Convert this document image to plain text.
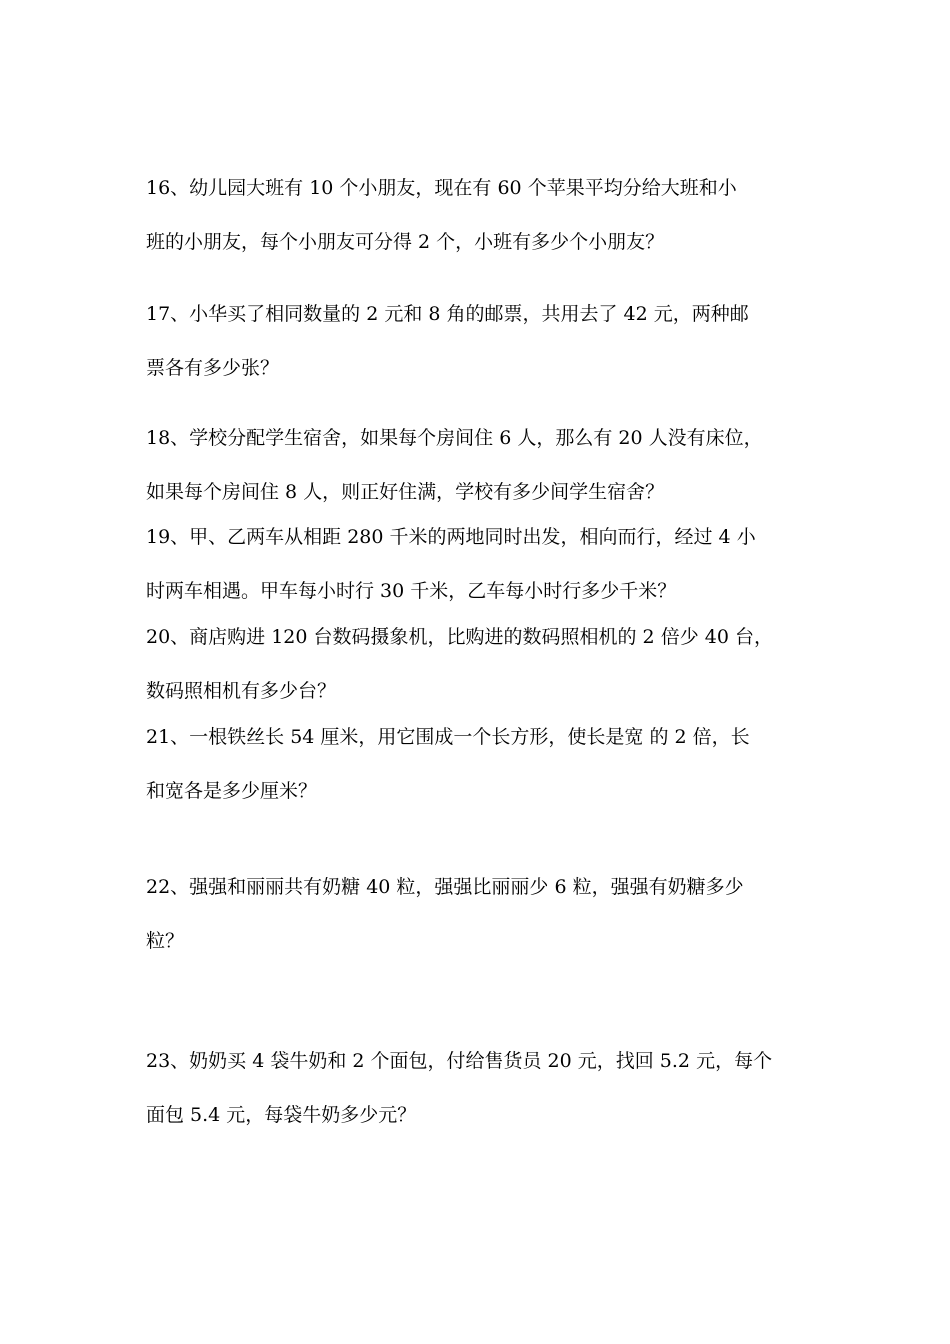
16、幼儿园大班有 10 个小朋友，现在有 60 个苹果平均分给大班和小

班的小朋友，每个小朋友可分得 2 个，小班有多少个小朋友？

17、小华买了相同数量的 2 元和 8 角的邮票，共用去了 42 元，两种邮

票各有多少张？

18、学校分配学生宿舍，如果每个房间住 6 人，那么有 20 人没有床位，

如果每个房间住 8 人，则正好住满，学校有多少间学生宿舍？

19、甲、乙两车从相距 280 千米的两地同时出发，相向而行，经过 4 小

时两车相遇。甲车每小时行 30 千米，乙车每小时行多少千米？

20、商店购进 120 台数码摄象机，比购进的数码照相机的 2 倍少 40 台，

数码照相机有多少台？

21、一根铁丝长 54 厘米，用它围成一个长方形，使长是宽 的 2 倍，长

和宽各是多少厘米？

22、强强和丽丽共有奶糖 40 粒，强强比丽丽少 6 粒，强强有奶糖多少

粒？

23、奶奶买 4 袋牛奶和 2 个面包，付给售货员 20 元，找回 5.2 元，每个

面包 5.4 元，每袋牛奶多少元？
